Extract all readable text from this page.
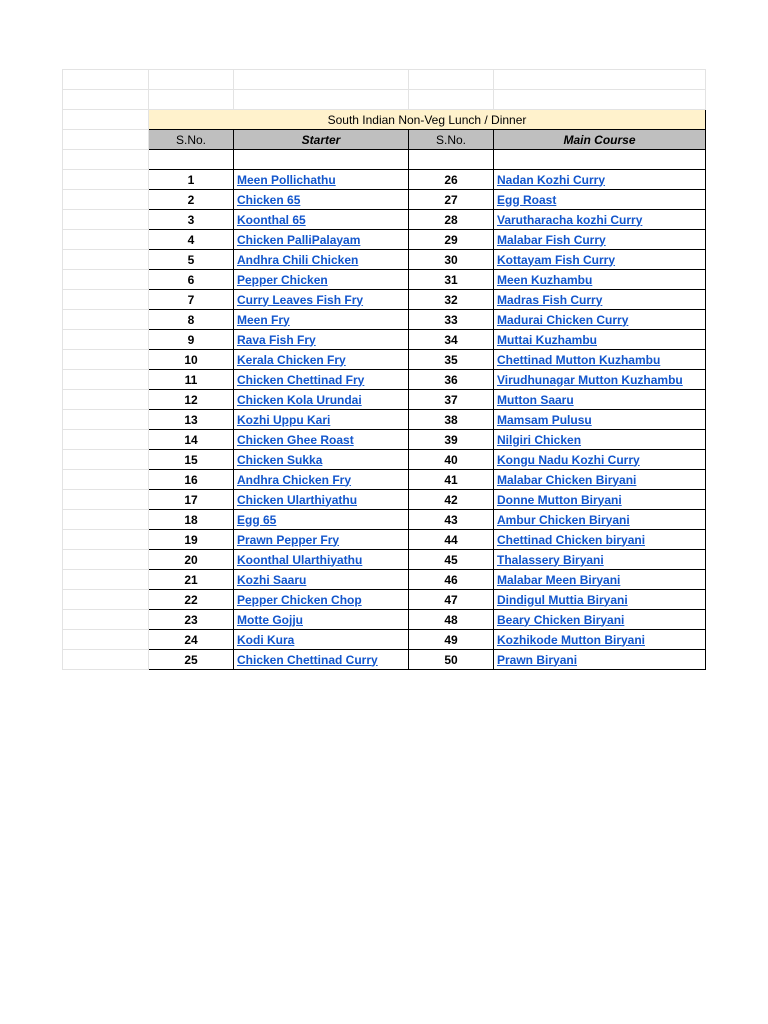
	South Indian Non-Veg Lunch / Dinner			
	S.No.	Starter	S.No.	Main Course

	1	Meen Pollichathu	26	Nadan Kozhi Curry
	2	Chicken 65	27	Egg Roast
	3	Koonthal 65	28	Varutharacha kozhi Curry
	4	Chicken PalliPalayam	29	Malabar Fish Curry
	5	Andhra Chili Chicken	30	Kottayam Fish Curry
	6	Pepper Chicken	31	Meen Kuzhambu
	7	Curry Leaves Fish Fry	32	Madras Fish Curry
	8	Meen Fry	33	Madurai Chicken Curry
	9	Rava Fish Fry	34	Muttai Kuzhambu
	10	Kerala Chicken Fry	35	Chettinad Mutton Kuzhambu
	11	Chicken Chettinad Fry	36	Virudhunagar Mutton Kuzhambu
	12	Chicken Kola Urundai	37	Mutton Saaru
	13	Kozhi Uppu Kari	38	Mamsam Pulusu
	14	Chicken Ghee Roast	39	Nilgiri Chicken
	15	Chicken Sukka	40	Kongu Nadu Kozhi Curry
	16	Andhra Chicken Fry	41	Malabar Chicken Biryani
	17	Chicken Ularthiyathu	42	Donne Mutton Biryani
	18	Egg 65	43	Ambur Chicken Biryani
	19	Prawn Pepper Fry	44	Chettinad Chicken biryani
	20	Koonthal Ularthiyathu	45	Thalassery Biryani
	21	Kozhi Saaru	46	Malabar Meen Biryani
	22	Pepper Chicken Chop	47	Dindigul Muttia Biryani
	23	Motte Gojju	48	Beary Chicken Biryani
	24	Kodi Kura	49	Kozhikode Mutton Biryani
	25	Chicken Chettinad Curry	50	Prawn Biryani
